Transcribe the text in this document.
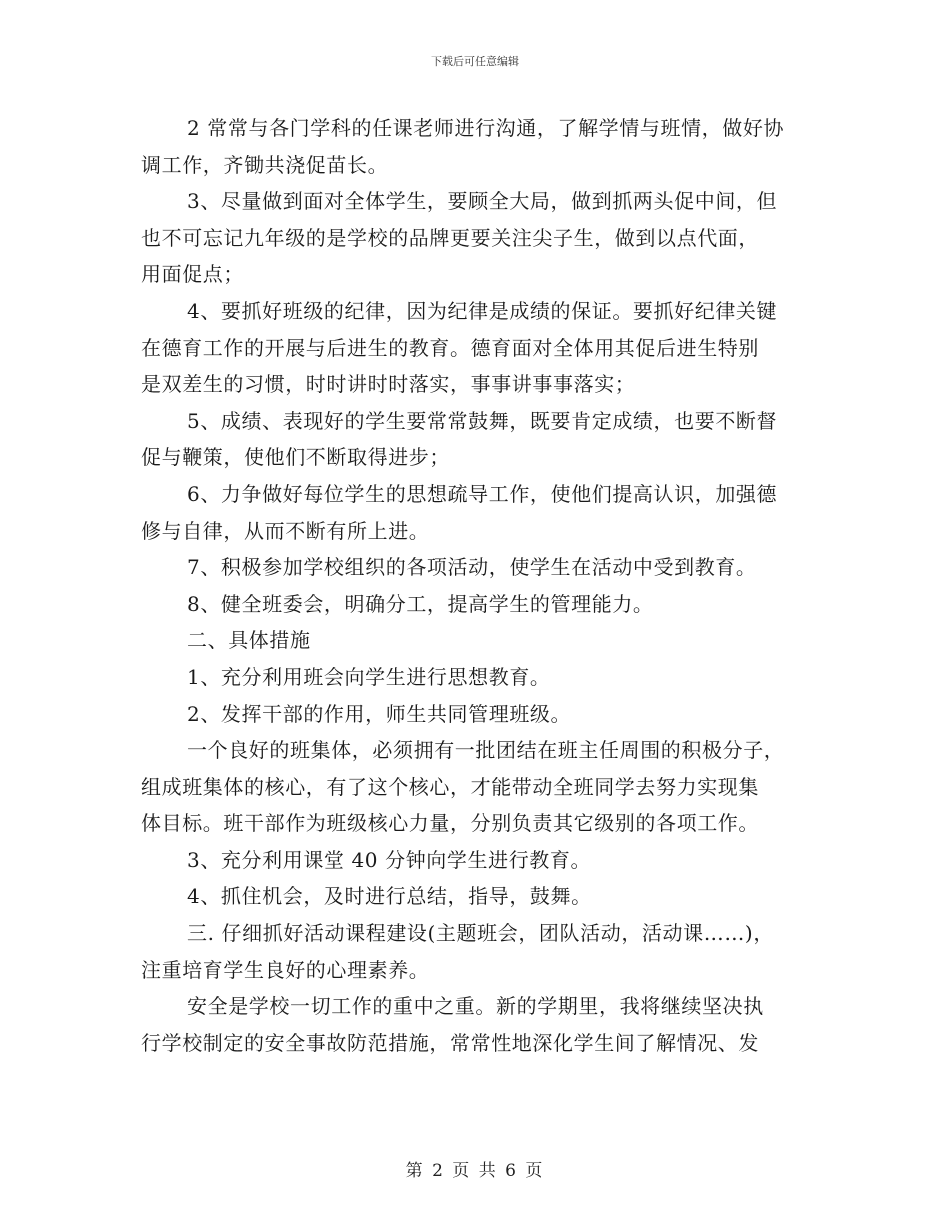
下载后可任意编辑
2 常常与各门学科的任课老师进行沟通，了解学情与班情，做好协
调工作，齐锄共浇促苗长。
3、尽量做到面对全体学生，要顾全大局，做到抓两头促中间，但
也不可忘记九年级的是学校的品牌更要关注尖子生，做到以点代面，
用面促点；
4、要抓好班级的纪律，因为纪律是成绩的保证。要抓好纪律关键
在德育工作的开展与后进生的教育。德育面对全体用其促后进生特别
是双差生的习惯，时时讲时时落实，事事讲事事落实；
5、成绩、表现好的学生要常常鼓舞，既要肯定成绩，也要不断督
促与鞭策，使他们不断取得进步；
6、力争做好每位学生的思想疏导工作，使他们提高认识，加强德
修与自律，从而不断有所上进。
7、积极参加学校组织的各项活动，使学生在活动中受到教育。
8、健全班委会，明确分工，提高学生的管理能力。
二、具体措施
1、充分利用班会向学生进行思想教育。
2、发挥干部的作用，师生共同管理班级。
一个良好的班集体，必须拥有一批团结在班主任周围的积极分子，
组成班集体的核心，有了这个核心，才能带动全班同学去努力实现集
体目标。班干部作为班级核心力量，分别负责其它级别的各项工作。
3、充分利用课堂 40 分钟向学生进行教育。
4、抓住机会，及时进行总结，指导，鼓舞。
三. 仔细抓好活动课程建设(主题班会，团队活动，活动课……)，
注重培育学生良好的心理素养。
安全是学校一切工作的重中之重。新的学期里，我将继续坚决执
行学校制定的安全事故防范措施，常常性地深化学生间了解情况、发
第 2 页 共 6 页
